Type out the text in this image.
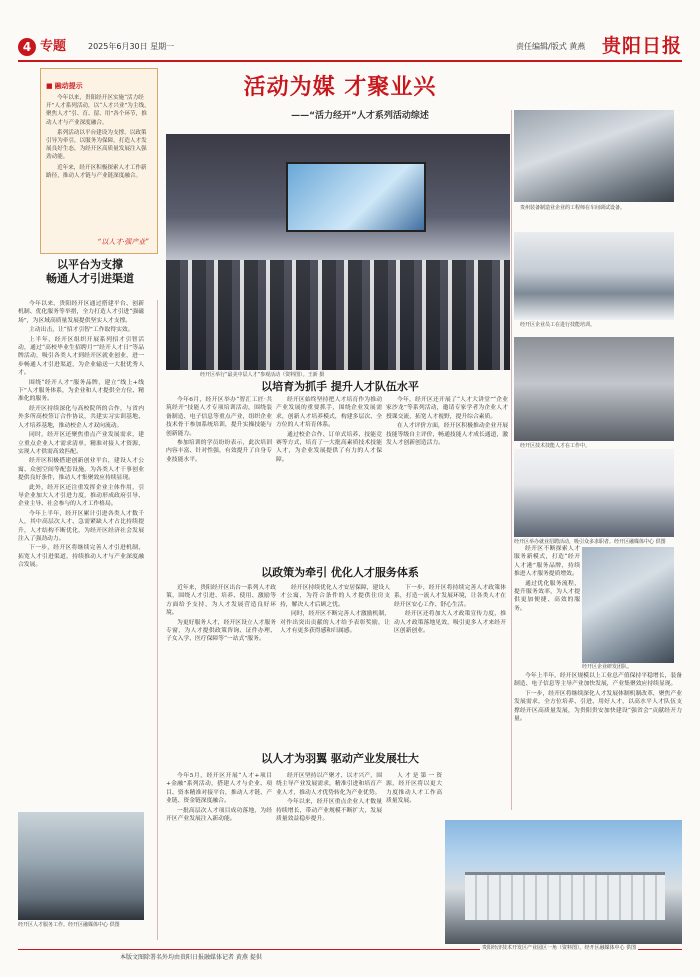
4 专题	2025年6月30日 星期一	责任编辑/版式 黄燕 贵阳日报
■ 融动提示

今年以来，贵阳经开区实施“活力经开”人才系列活动，以“人才兴业”为主线，聚焦人才“引、育、留、用”各个环节，推动人才与产业深度融合。

系列活动以平台建设为支撑，以政策引导为牵引，以服务为保障，打造人才发展良好生态，为经开区高质量发展注入强劲动能。

近年来，经开区积极探索人才工作新路径，推动人才链与产业链深度融合。

“以人才·强产业”
活动为媒 才聚业兴
——“活力经开”人才系列活动综述
经开区举行“最美中层人才”参观活动（资料图）。王新 摄
贵州装备制造业企业的工程师在车间调试设备。
经开区企业员工在进行技能培训。
经开区举办就业招聘活动，吸引众多求职者。经开区融媒体中心 供图
经开区企业研发团队。
以平台为支撑
畅通人才引进渠道

今年以来，贵阳经开区通过搭建平台、创新机制、优化服务等举措，全力打造人才引进“强磁场”，为区域高质量发展提供坚实人才支撑。

主动出击，让“招才引智”工作取得实效。

上半年，经开区组织开展系列招才引智活动，通过“高校毕业生招聘月”“经开人才日”等品牌活动，吸引各类人才到经开区就业创业，进一步畅通人才引进渠道，为企业输送一大批优秀人才。

围绕“经开人才”服务品牌，建立“线上+线下”人才服务体系，为企业和人才提供全方位、精准化的服务。

经开区持续深化与高校院所的合作，与省内外多所高校签订合作协议，共建实习实训基地、人才培养基地，推动校企人才双向流动。

同时，经开区还聚焦重点产业发展需求，建立重点企业人才需求清单，精准对接人才资源，实现人才供需高效匹配。

经开区积极搭建创新创业平台，建设人才公寓、众创空间等配套设施，为各类人才干事创业提供良好条件，推动人才集聚效应持续显现。

此外，经开区还注重发挥企业主体作用，引导企业加大人才引进力度，推动形成政府引导、企业主导、社会参与的人才工作格局。

今年上半年，经开区累计引进各类人才数千人，其中高层次人才、急需紧缺人才占比持续提升，人才结构不断优化，为经开区经济社会发展注入了强劲动力。

下一步，经开区将继续完善人才引进机制，拓宽人才引进渠道，持续推动人才与产业深度融合发展。

经开区人才服务工作。经开区融媒体中心 供图
以培育为抓手 提升人才队伍水平

今年6月，经开区举办“智汇工匠·共筑经开”技能人才专项培训活动，围绕装备制造、电子信息等重点产业，组织企业技术骨干参加系统培训，提升实操技能与创新能力。

参加培训的学员纷纷表示，此次培训内容丰富、针对性强，有效提升了自身专业技能水平。

经开区始终坚持把人才培育作为推动产业发展的重要抓手，围绕企业发展需求，创新人才培养模式，构建多层次、全方位的人才培育体系。

通过校企合作、订单式培养、技能竞赛等方式，培育了一大批高素质技术技能人才，为企业发展提供了有力的人才保障。

今年，经开区还开展了“人才大讲堂”“企业家沙龙”等系列活动，邀请专家学者为企业人才授课交流，拓宽人才视野，提升综合素质。

在人才评价方面，经开区积极推动企业开展技能等级自主评价，畅通技能人才成长通道，激发人才创新创造活力。	经开区技术技能人才在工作中。
以政策为牵引 优化人才服务体系

近年来，贵阳经开区出台一系列人才政策，围绕人才引进、培养、使用、激励等方面给予支持，为人才发展营造良好环境。

为更好服务人才，经开区设立人才服务专窗，为人才提供政策咨询、证件办理、子女入学、医疗保障等“一站式”服务。

经开区持续优化人才安居保障，建设人才公寓，为符合条件的人才提供住房支持，解决人才后顾之忧。

同时，经开区不断完善人才激励机制，对作出突出贡献的人才给予表彰奖励，让人才有更多获得感和归属感。

下一步，经开区将持续完善人才政策体系，打造一流人才发展环境，让各类人才在经开区安心工作、舒心生活。

经开区还将加大人才政策宣传力度，推动人才政策落地见效，吸引更多人才来经开区创新创业。

经开区不断探索人才服务新模式，打造“经开人才港”服务品牌，持续推进人才服务提质增效。

通过优化服务流程，提升服务效率，为人才提供更加便捷、高效的服务。

以人才为羽翼 驱动产业发展壮大

今年5月，经开区开展“人才+项目+金融”系列活动，搭建人才与企业、项目、资本精准对接平台，推动人才链、产业链、资金链深度融合。

一批高层次人才项目成功落地，为经开区产业发展注入新动能。

经开区坚持以产聚才、以才兴产，围绕主导产业发展需求，精准引进和培育产业人才，推动人才优势转化为产业优势。

今年以来，经开区重点企业人才数量持续增长，带动产业规模不断扩大，发展质量效益稳步提升。

人才是第一资源，经开区将以更大力度推动人才工作高质量发展。

今年上半年，经开区规模以上工业总产值保持平稳增长，装备制造、电子信息等主导产业加快发展，产业集聚效应持续显现。

下一步，经开区将继续深化人才发展体制机制改革，聚焦产业发展需求，全方位培养、引进、用好人才，以高水平人才队伍支撑经开区高质量发展，为贵阳贵安加快建设“强省会”贡献经开力量。

贵阳经济技术开发区产业园区一角（资料图）。经开区融媒体中心 供图
本版文图除署名外均由贵阳日报融媒体记者 黄燕 提供
